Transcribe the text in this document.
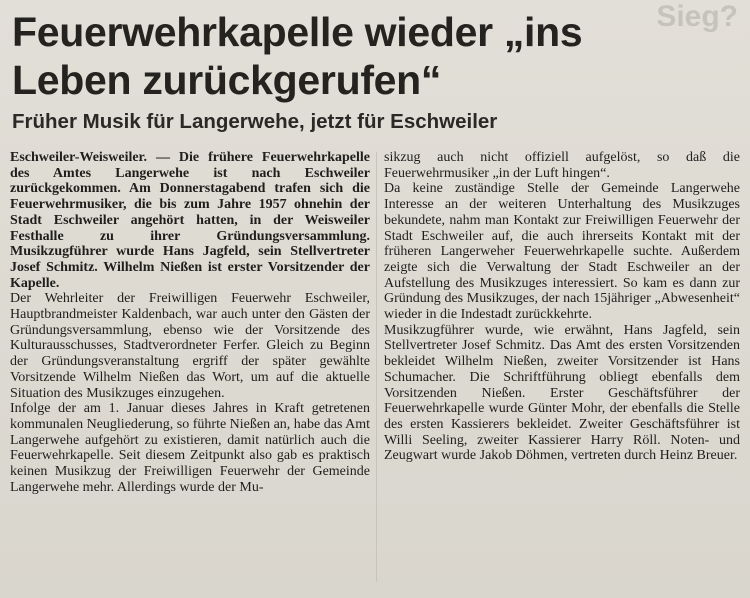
Sieg?
Feuerwehrkapelle wieder „ins Leben zurückgerufen“
Früher Musik für Langerwehe, jetzt für Eschweiler

Eschweiler-Weisweiler. — Die frühere Feuerwehrkapelle des Amtes Langerwehe ist nach Eschweiler zurückgekommen. Am Donnerstagabend trafen sich die Feuerwehrmusiker, die bis zum Jahre 1957 ohnehin der Stadt Eschweiler angehört hatten, in der Weisweiler Festhalle zu ihrer Gründungsversammlung. Musikzugführer wurde Hans Jagfeld, sein Stellvertreter Josef Schmitz. Wilhelm Nießen ist erster Vorsitzender der Kapelle.

Der Wehrleiter der Freiwilligen Feuerwehr Eschweiler, Hauptbrandmeister Kaldenbach, war auch unter den Gästen der Gründungsversammlung, ebenso wie der Vorsitzende des Kulturausschusses, Stadtverordneter Ferfer. Gleich zu Beginn der Gründungsveranstaltung ergriff der später gewählte Vorsitzende Wilhelm Nießen das Wort, um auf die aktuelle Situation des Musikzuges einzugehen.

Infolge der am 1. Januar dieses Jahres in Kraft getretenen kommunalen Neugliederung, so führte Nießen an, habe das Amt Langerwehe aufgehört zu existieren, damit natürlich auch die Feuerwehrkapelle. Seit diesem Zeitpunkt also gab es praktisch keinen Musikzug der Freiwilligen Feuerwehr der Gemeinde Langerwehe mehr. Allerdings wurde der Mu-

sikzug auch nicht offiziell aufgelöst, so daß die Feuerwehrmusiker „in der Luft hingen“.

Da keine zuständige Stelle der Gemeinde Langerwehe Interesse an der weiteren Unterhaltung des Musikzuges bekundete, nahm man Kontakt zur Freiwilligen Feuerwehr der Stadt Eschweiler auf, die auch ihrerseits Kontakt mit der früheren Langerweher Feuerwehrkapelle suchte. Außerdem zeigte sich die Verwaltung der Stadt Eschweiler an der Aufstellung des Musikzuges interessiert. So kam es dann zur Gründung des Musikzuges, der nach 15jähriger „Abwesenheit“ wieder in die Indestadt zurückkehrte.

Musikzugführer wurde, wie erwähnt, Hans Jagfeld, sein Stellvertreter Josef Schmitz. Das Amt des ersten Vorsitzenden bekleidet Wilhelm Nießen, zweiter Vorsitzender ist Hans Schumacher. Die Schriftführung obliegt ebenfalls dem Vorsitzenden Nießen. Erster Geschäftsführer der Feuerwehrkapelle wurde Günter Mohr, der ebenfalls die Stelle des ersten Kassierers bekleidet. Zweiter Geschäftsführer ist Willi Seeling, zweiter Kassierer Harry Röll. Noten- und Zeugwart wurde Jakob Döhmen, vertreten durch Heinz Breuer.
